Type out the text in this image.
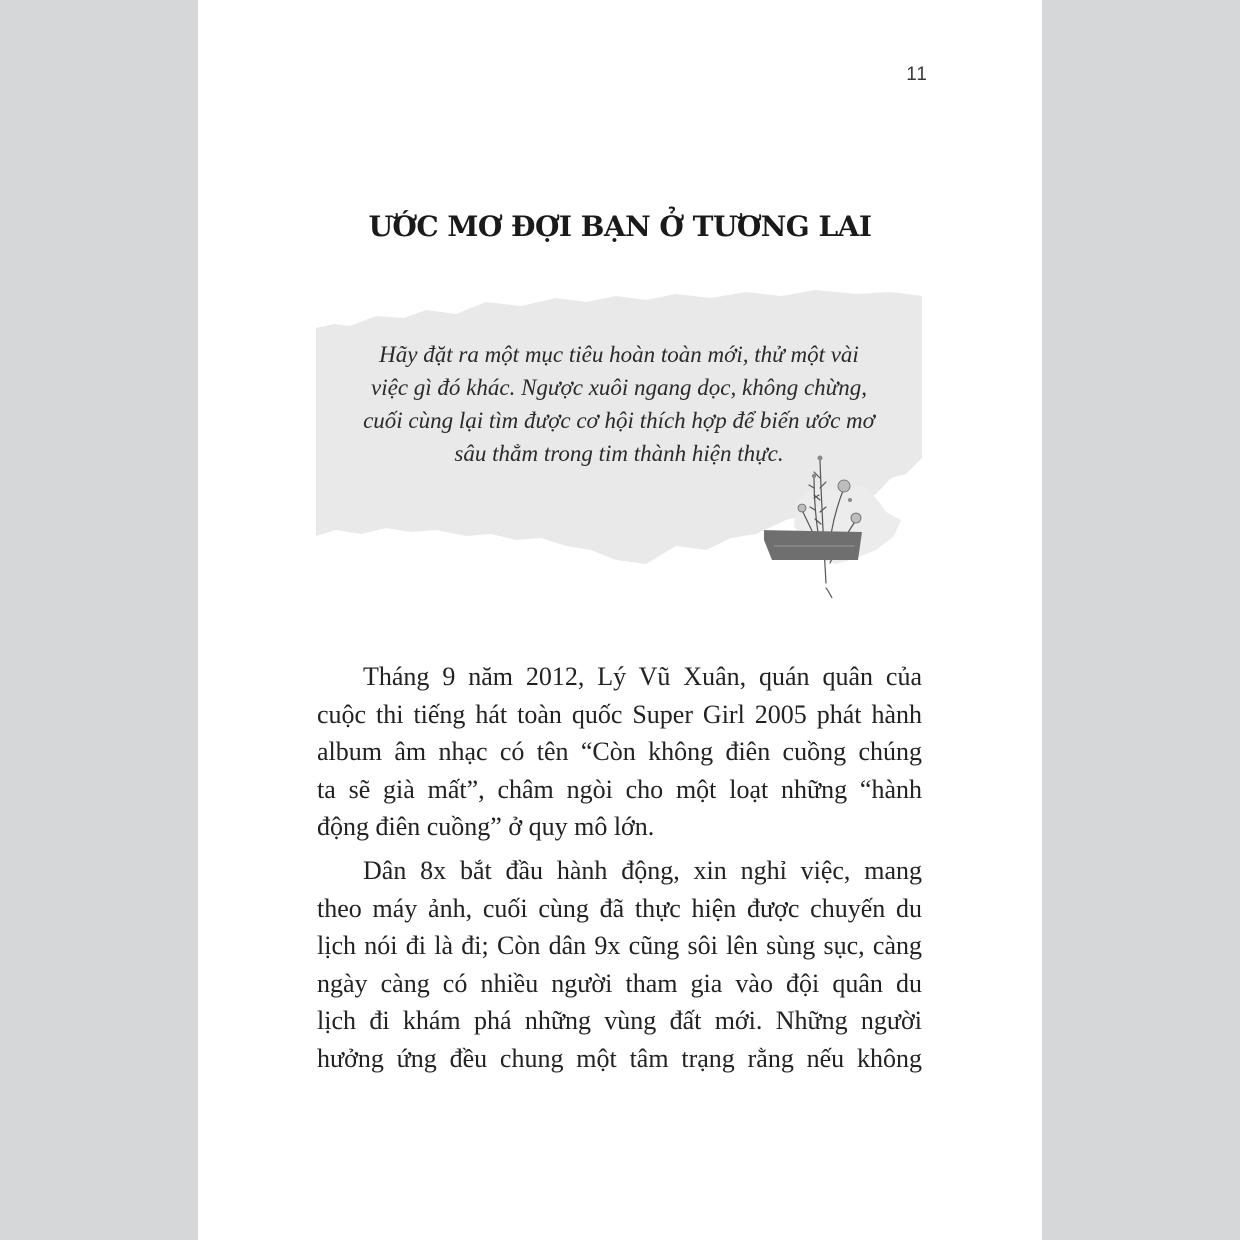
11
ƯỚC MƠ ĐỢI BẠN Ở TƯƠNG LAI
Hãy đặt ra một mục tiêu hoàn toàn mới, thử một vài
việc gì đó khác. Ngược xuôi ngang dọc, không chừng,
cuối cùng lại tìm được cơ hội thích hợp để biến ước mơ
sâu thẳm trong tim thành hiện thực.
Tháng 9 năm 2012, Lý Vũ Xuân, quán quân của
cuộc thi tiếng hát toàn quốc Super Girl 2005 phát hành
album âm nhạc có tên “Còn không điên cuồng chúng
ta sẽ già mất”, châm ngòi cho một loạt những “hành
động điên cuồng” ở quy mô lớn.
Dân 8x bắt đầu hành động, xin nghỉ việc, mang
theo máy ảnh, cuối cùng đã thực hiện được chuyến du
lịch nói đi là đi; Còn dân 9x cũng sôi lên sùng sục, càng
ngày càng có nhiều người tham gia vào đội quân du
lịch đi khám phá những vùng đất mới. Những người
hưởng ứng đều chung một tâm trạng rằng nếu không
